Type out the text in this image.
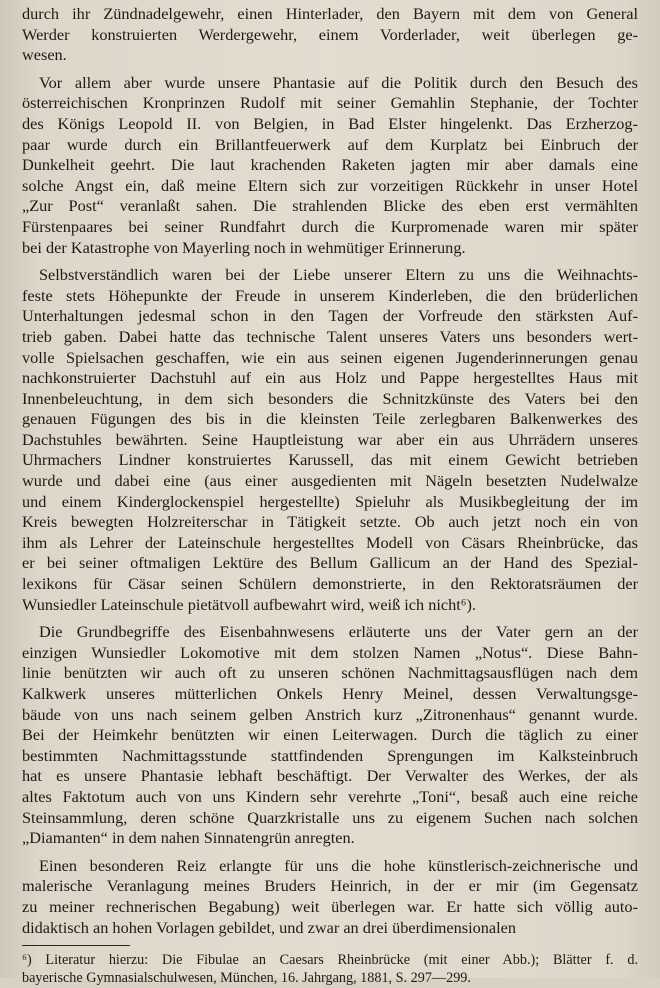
durch ihr Zündnadelgewehr, einen Hinterlader, den Bayern mit dem von General
Werder konstruierten Werdergewehr, einem Vorderlader, weit überlegen ge-
wesen.

Vor allem aber wurde unsere Phantasie auf die Politik durch den Besuch des
österreichischen Kronprinzen Rudolf mit seiner Gemahlin Stephanie, der Tochter
des Königs Leopold II. von Belgien, in Bad Elster hingelenkt. Das Erzherzog-
paar wurde durch ein Brillantfeuerwerk auf dem Kurplatz bei Einbruch der
Dunkelheit geehrt. Die laut krachenden Raketen jagten mir aber damals eine
solche Angst ein, daß meine Eltern sich zur vorzeitigen Rückkehr in unser Hotel
„Zur Post“ veranlaßt sahen. Die strahlenden Blicke des eben erst vermählten
Fürstenpaares bei seiner Rundfahrt durch die Kurpromenade waren mir später
bei der Katastrophe von Mayerling noch in wehmütiger Erinnerung.

Selbstverständlich waren bei der Liebe unserer Eltern zu uns die Weihnachts-
feste stets Höhepunkte der Freude in unserem Kinderleben, die den brüderlichen
Unterhaltungen jedesmal schon in den Tagen der Vorfreude den stärksten Auf-
trieb gaben. Dabei hatte das technische Talent unseres Vaters uns besonders wert-
volle Spielsachen geschaffen, wie ein aus seinen eigenen Jugenderinnerungen genau
nachkonstruierter Dachstuhl auf ein aus Holz und Pappe hergestelltes Haus mit
Innenbeleuchtung, in dem sich besonders die Schnitzkünste des Vaters bei den
genauen Fügungen des bis in die kleinsten Teile zerlegbaren Balkenwerkes des
Dachstuhles bewährten. Seine Hauptleistung war aber ein aus Uhrrädern unseres
Uhrmachers Lindner konstruiertes Karussell, das mit einem Gewicht betrieben
wurde und dabei eine (aus einer ausgedienten mit Nägeln besetzten Nudelwalze
und einem Kinderglockenspiel hergestellte) Spieluhr als Musikbegleitung der im
Kreis bewegten Holzreiterschar in Tätigkeit setzte. Ob auch jetzt noch ein von
ihm als Lehrer der Lateinschule hergestelltes Modell von Cäsars Rheinbrücke, das
er bei seiner oftmaligen Lektüre des Bellum Gallicum an der Hand des Spezial-
lexikons für Cäsar seinen Schülern demonstrierte, in den Rektoratsräumen der
Wunsiedler Lateinschule pietätvoll aufbewahrt wird, weiß ich nicht⁶).

Die Grundbegriffe des Eisenbahnwesens erläuterte uns der Vater gern an der
einzigen Wunsiedler Lokomotive mit dem stolzen Namen „Notus“. Diese Bahn-
linie benützten wir auch oft zu unseren schönen Nachmittagsausflügen nach dem
Kalkwerk unseres mütterlichen Onkels Henry Meinel, dessen Verwaltungsge-
bäude von uns nach seinem gelben Anstrich kurz „Zitronenhaus“ genannt wurde.
Bei der Heimkehr benützten wir einen Leiterwagen. Durch die täglich zu einer
bestimmten Nachmittagsstunde stattfindenden Sprengungen im Kalksteinbruch
hat es unsere Phantasie lebhaft beschäftigt. Der Verwalter des Werkes, der als
altes Faktotum auch von uns Kindern sehr verehrte „Toni“, besaß auch eine reiche
Steinsammlung, deren schöne Quarzkristalle uns zu eigenem Suchen nach solchen
„Diamanten“ in dem nahen Sinnatengrün anregten.

Einen besonderen Reiz erlangte für uns die hohe künstlerisch-zeichnerische und
malerische Veranlagung meines Bruders Heinrich, in der er mir (im Gegensatz
zu meiner rechnerischen Begabung) weit überlegen war. Er hatte sich völlig auto-
didaktisch an hohen Vorlagen gebildet, und zwar an drei überdimensionalen

⁶) Literatur hierzu: Die Fibulae an Caesars Rheinbrücke (mit einer Abb.); Blätter f. d.
bayerische Gymnasialschulwesen, München, 16. Jahrgang, 1881, S. 297—299.
